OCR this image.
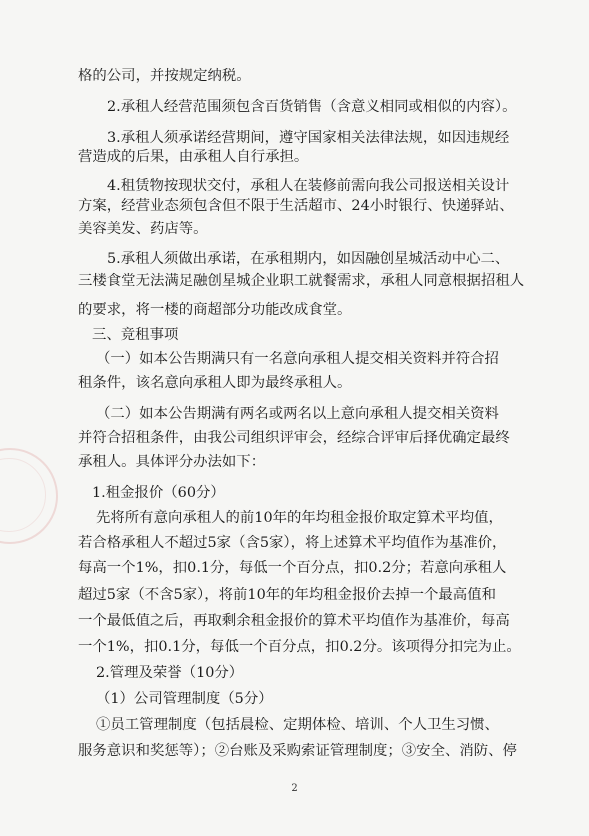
格的公司，并按规定纳税。
2.承租人经营范围须包含百货销售（含意义相同或相似的内容）。
3.承租人须承诺经营期间，遵守国家相关法律法规，如因违规经
营造成的后果，由承租人自行承担。
4.租赁物按现状交付，承租人在装修前需向我公司报送相关设计
方案，经营业态须包含但不限于生活超市、24小时银行、快递驿站、
美容美发、药店等。
5.承租人须做出承诺，在承租期内，如因融创星城活动中心二、
三楼食堂无法满足融创星城企业职工就餐需求，承租人同意根据招租人
的要求，将一楼的商超部分功能改成食堂。
三、竞租事项
（一）如本公告期满只有一名意向承租人提交相关资料并符合招
租条件，该名意向承租人即为最终承租人。
（二）如本公告期满有两名或两名以上意向承租人提交相关资料
并符合招租条件，由我公司组织评审会，经综合评审后择优确定最终
承租人。具体评分办法如下：
1.租金报价（60分）
先将所有意向承租人的前10年的年均租金报价取定算术平均值，
若合格承租人不超过5家（含5家），将上述算术平均值作为基准价，
每高一个1%，扣0.1分，每低一个百分点，扣0.2分；若意向承租人
超过5家（不含5家），将前10年的年均租金报价去掉一个最高值和
一个最低值之后，再取剩余租金报价的算术平均值作为基准价，每高
一个1%，扣0.1分，每低一个百分点，扣0.2分。该项得分扣完为止。
2.管理及荣誉（10分）
（1）公司管理制度（5分）
①员工管理制度（包括晨检、定期体检、培训、个人卫生习惯、
服务意识和奖惩等）；②台账及采购索证管理制度；③安全、消防、停
2
